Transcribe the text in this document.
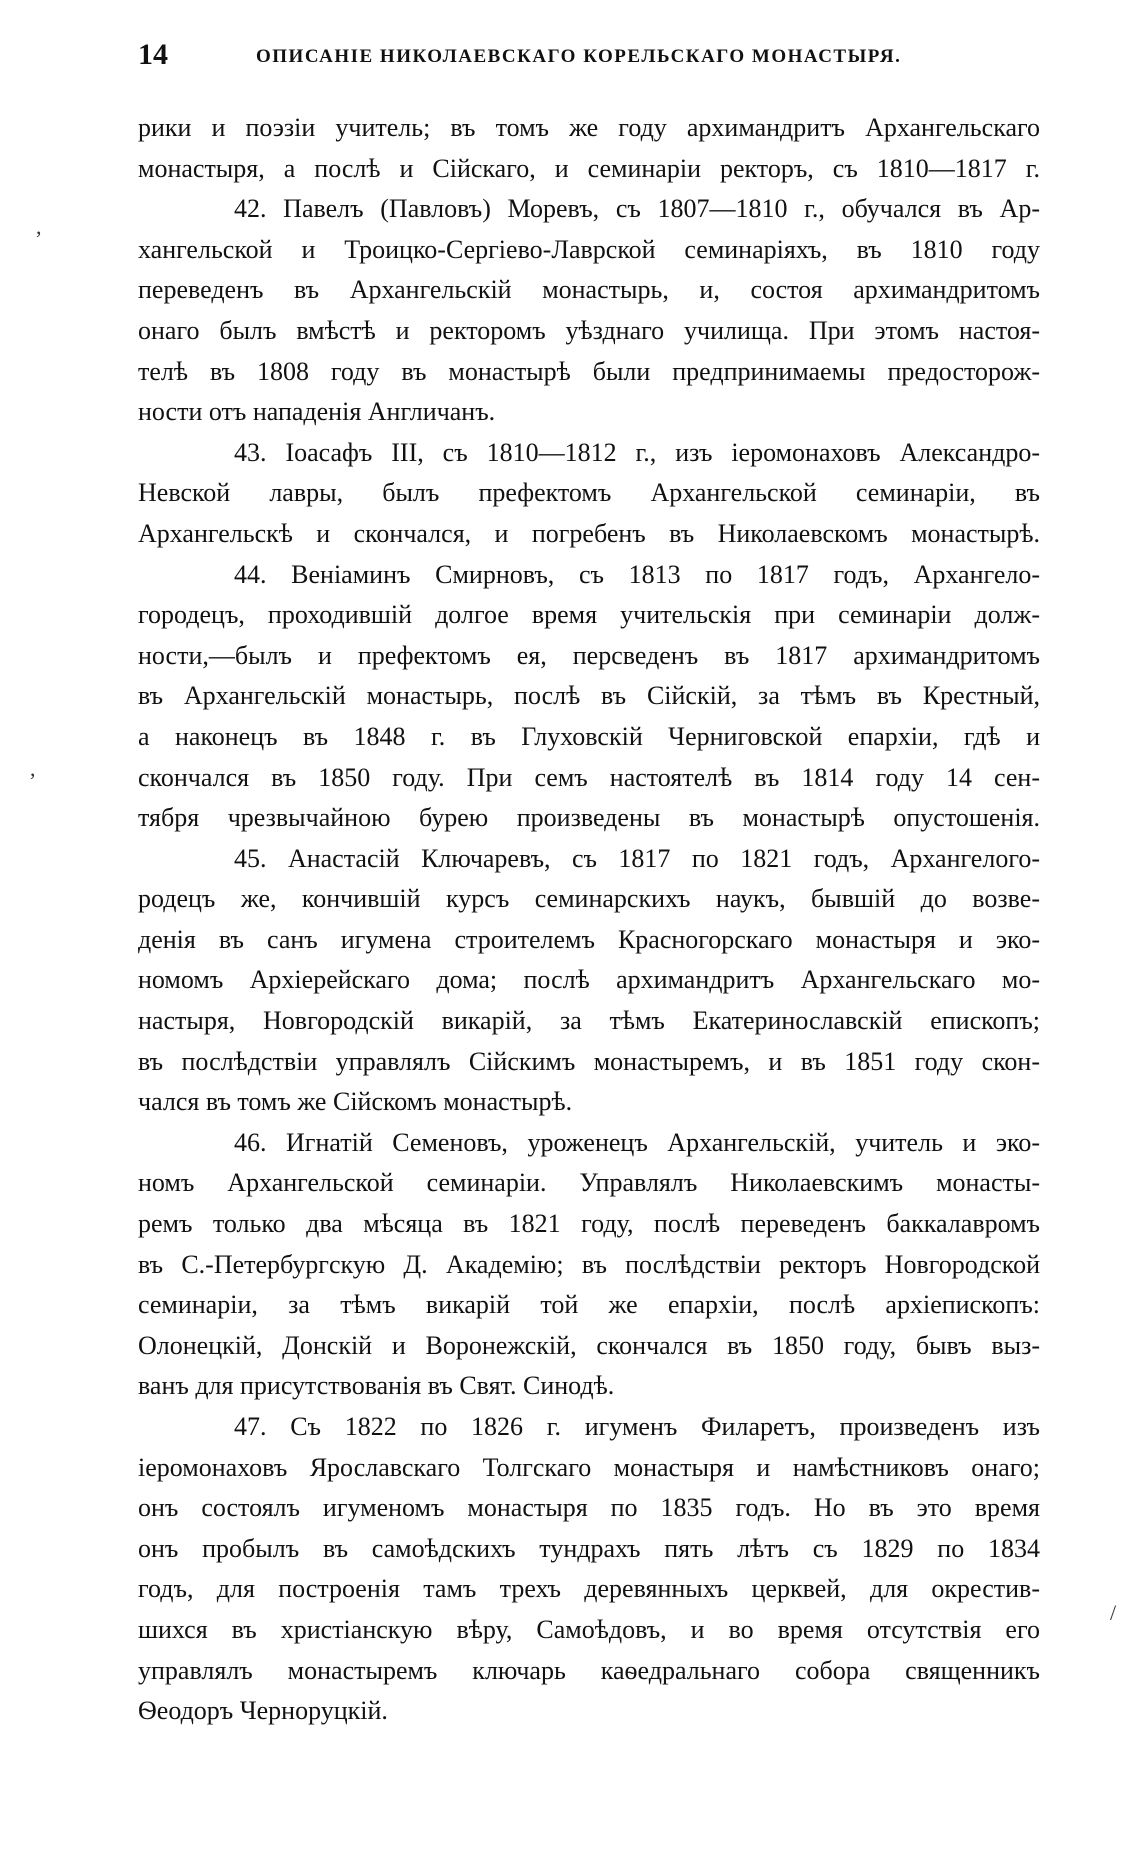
14	ОПИСАНІЕ НИКОЛАЕВСКАГО КОРЕЛЬСКАГО МОНАСТЫРЯ.
,
,
/
рики и поэзіи учитель; въ томъ же году архимандритъ Архангельскаго
монастыря, а послѣ и Сійскаго, и семинаріи ректоръ, съ 1810—1817 г.
42. Павелъ (Павловъ) Моревъ, съ 1807—1810 г., обучался въ Ар-
хангельской и Троицко-Сергіево-Лаврской семинаріяхъ, въ 1810 году
переведенъ въ Архангельскій монастырь, и, состоя архимандритомъ
онаго былъ вмѣстѣ и ректоромъ уѣзднаго училища. При этомъ настоя-
телѣ въ 1808 году въ монастырѣ были предпринимаемы предосторож-
ности отъ нападенія Англичанъ.
43. Іоасафъ III, съ 1810—1812 г., изъ іеромонаховъ Александро-
Невской лавры, былъ префектомъ Архангельской семинаріи, въ
Архангельскѣ и скончался, и погребенъ въ Николаевскомъ монастырѣ.
44. Веніаминъ Смирновъ, съ 1813 по 1817 годъ, Архангело-
городецъ, проходившій долгое время учительскія при семинаріи долж-
ности,—былъ и префектомъ ея, перcведенъ въ 1817 архимандритомъ
въ Архангельскій монастырь, послѣ въ Сійскій, за тѣмъ въ Крестный,
а наконецъ въ 1848 г. въ Глуховскій Черниговской епархіи, гдѣ и
скончался въ 1850 году. При семъ настоятелѣ въ 1814 году 14 сен-
тября чрезвычайною бурею произведены въ монастырѣ опустошенія.
45. Анастасій Ключаревъ, съ 1817 по 1821 годъ, Архангелого-
родецъ же, кончившій курсъ семинарскихъ наукъ, бывшій до возве-
денія въ санъ игумена строителемъ Красногорскаго монастыря и эко-
номомъ Архіерейскаго дома; послѣ архимандритъ Архангельскаго мо-
настыря, Новгородскій викарій, за тѣмъ Екатеринославскій епископъ;
въ послѣдствіи управлялъ Сійскимъ монастыремъ, и въ 1851 году скон-
чался въ томъ же Сійскомъ монастырѣ.
46. Игнатій Семеновъ, уроженецъ Архангельскій, учитель и эко-
номъ Архангельской семинаріи. Управлялъ Николаевскимъ монасты-
ремъ только два мѣсяца въ 1821 году, послѣ переведенъ баккалавромъ
въ С.-Петербургскую Д. Академію; въ послѣдствіи ректоръ Новгородской
семинаріи, за тѣмъ викарій той же епархіи, послѣ архіепископъ:
Олонецкій, Донскій и Воронежскій, скончался въ 1850 году, бывъ выз-
ванъ для присутствованія въ Свят. Синодѣ.
47. Съ 1822 по 1826 г. игуменъ Филаретъ, произведенъ изъ
іеромонаховъ Ярославскаго Толгскаго монастыря и намѣстниковъ онаго;
онъ состоялъ игуменомъ монастыря по 1835 годъ. Но въ это время
онъ пробылъ въ самоѣдскихъ тундрахъ пять лѣтъ съ 1829 по 1834
годъ, для построенія тамъ трехъ деревянныхъ церквей, для окрестив-
шихся въ христіанскую вѣру, Самоѣдовъ, и во время отсутствія его
управлялъ монастыремъ ключарь каѳедральнаго собора священникъ
Ѳеодоръ Черноруцкій.
